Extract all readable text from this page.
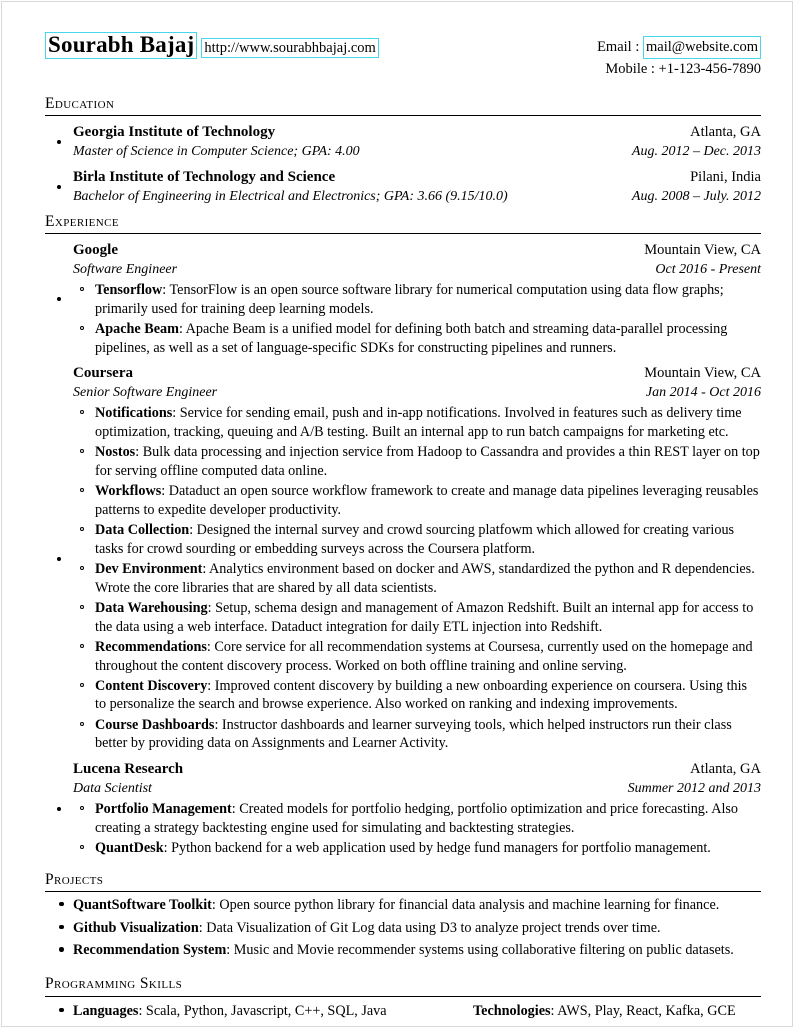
Sourabh Bajaj http://www.sourabhbajaj.com	Email : mail@website.com
Mobile : +1-123-456-7890
Education
Georgia Institute of Technology	Atlanta, GA
Master of Science in Computer Science; GPA: 4.00	Aug. 2012 – Dec. 2013
Birla Institute of Technology and Science	Pilani, India
Bachelor of Engineering in Electrical and Electronics; GPA: 3.66 (9.15/10.0)	Aug. 2008 – July. 2012
Experience
Google	Mountain View, CA
Software Engineer	Oct 2016 - Present
Tensorflow: TensorFlow is an open source software library for numerical computation using data flow graphs; primarily used for training deep learning models.
Apache Beam: Apache Beam is a unified model for defining both batch and streaming data-parallel processing pipelines, as well as a set of language-specific SDKs for constructing pipelines and runners.
Coursera	Mountain View, CA
Senior Software Engineer	Jan 2014 - Oct 2016
Notifications: Service for sending email, push and in-app notifications. Involved in features such as delivery time optimization, tracking, queuing and A/B testing. Built an internal app to run batch campaigns for marketing etc.
Nostos: Bulk data processing and injection service from Hadoop to Cassandra and provides a thin REST layer on top for serving offline computed data online.
Workflows: Dataduct an open source workflow framework to create and manage data pipelines leveraging reusables patterns to expedite developer productivity.
Data Collection: Designed the internal survey and crowd sourcing platfowm which allowed for creating various tasks for crowd sourding or embedding surveys across the Coursera platform.
Dev Environment: Analytics environment based on docker and AWS, standardized the python and R dependencies. Wrote the core libraries that are shared by all data scientists.
Data Warehousing: Setup, schema design and management of Amazon Redshift. Built an internal app for access to the data using a web interface. Dataduct integration for daily ETL injection into Redshift.
Recommendations: Core service for all recommendation systems at Coursesa, currently used on the homepage and throughout the content discovery process. Worked on both offline training and online serving.
Content Discovery: Improved content discovery by building a new onboarding experience on coursera. Using this to personalize the search and browse experience. Also worked on ranking and indexing improvements.
Course Dashboards: Instructor dashboards and learner surveying tools, which helped instructors run their class better by providing data on Assignments and Learner Activity.
Lucena Research	Atlanta, GA
Data Scientist	Summer 2012 and 2013
Portfolio Management: Created models for portfolio hedging, portfolio optimization and price forecasting. Also creating a strategy backtesting engine used for simulating and backtesting strategies.
QuantDesk: Python backend for a web application used by hedge fund managers for portfolio management.
Projects
QuantSoftware Toolkit: Open source python library for financial data analysis and machine learning for finance.
Github Visualization: Data Visualization of Git Log data using D3 to analyze project trends over time.
Recommendation System: Music and Movie recommender systems using collaborative filtering on public datasets.
Programming Skills
Languages: Scala, Python, Javascript, C++, SQL, Java	Technologies: AWS, Play, React, Kafka, GCE
